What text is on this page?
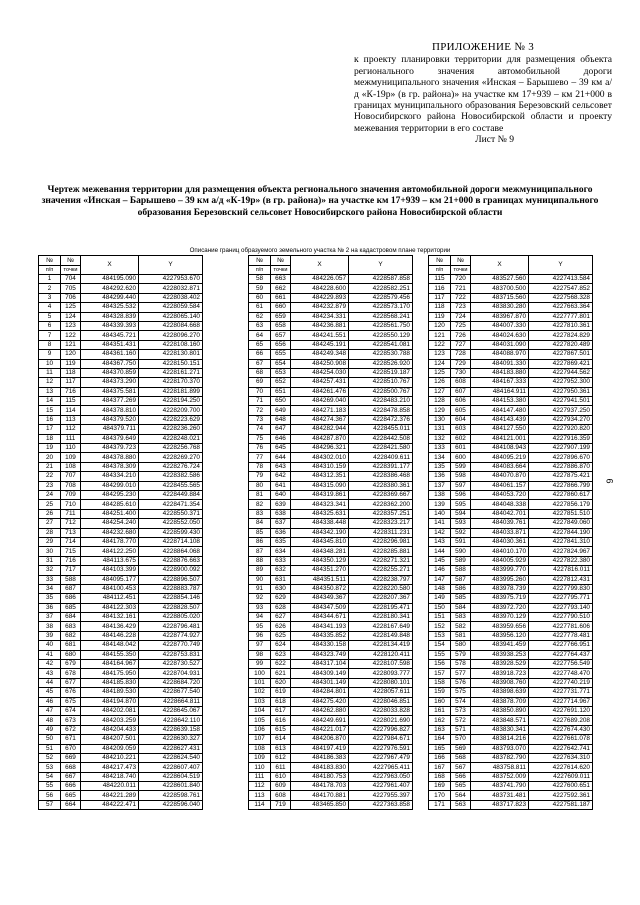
ПРИЛОЖЕНИЕ № 3
к проекту планировки территории для размещения объекта регионального значения автомобильной дороги межмуниципального значения «Инская – Барышево – 39 км а/д «К-19р» (в гр. района)» на участке км 17+939 – км 21+000 в границах муниципального образования Березовский сельсовет Новосибирского района Новосибирской области и проекту межевания территории в его составе
Лист № 9
Чертеж межевания территории для размещения объекта регионального значения автомобильной дороги межмуниципального значения «Инская – Барышево – 39 км а/д «К-19р» (в гр. района)» на участке км 17+939 – км 21+000 в границах муниципального образования Березовский сельсовет Новосибирского района Новосибирской области
Описание границ образуемого земельного участка № 2 на кадастровом плане территории
№	№	X	Y
п/п	точки		
1	704	484195.090	4227953.670
2	705	484292.620	4228032.871
3	706	484299.440	4228038.402
4	125	484325.532	4228059.584
5	124	484328.839	4228065.140
6	123	484339.393	4228084.668
7	122	484345.721	4228096.270
8	121	484351.431	4228108.160
9	120	484361.160	4228130.801
10	119	484367.750	4228150.151
11	118	484370.859	4228161.271
12	117	484373.290	4228170.370
13	716	484375.581	4228181.899
14	115	484377.269	4228194.250
15	114	484378.810	4228209.700
16	113	484379.520	4228223.629
17	112	484379.711	4228236.260
18	111	484379.649	4228248.021
19	110	484379.723	4228256.768
20	109	484378.880	4228269.270
21	108	484378.309	4228276.724
22	707	484334.210	4228382.586
23	708	484299.010	4228455.565
24	709	484295.230	4228449.884
25	710	484285.610	4228471.354
26	711	484251.400	4228550.371
27	712	484254.240	4228552.050
28	713	484232.680	4228599.430
29	714	484178.770	4228714.108
30	715	484122.250	4228864.068
31	716	484113.675	4228876.663
32	717	484103.399	4228900.092
33	588	484095.177	4228896.507
34	687	484100.453	4228883.787
35	686	484112.451	4228854.146
36	685	484122.303	4228828.507
37	684	484132.161	4228805.020
38	683	484136.429	4228796.481
39	682	484146.228	4228774.927
40	681	484148.042	4228770.749
41	680	484155.350	4228753.831
42	679	484164.967	4228730.527
43	678	484175.950	4228704.931
44	677	484185.830	4228684.720
45	676	484189.530	4228677.540
46	675	484194.870	4228664.811
47	674	484202.081	4228645.067
48	673	484203.259	4228642.110
49	672	484204.433	4228639.158
50	671	484207.501	4228630.327
51	670	484209.059	4228627.431
52	669	484210.221	4228624.540
53	668	484217.473	4228607.407
54	667	484218.740	4228604.519
55	666	484220.011	4228601.840
56	665	484221.289	4228598.761
57	664	484222.471	4228596.040
№	№	X	Y
п/п	точки		
58	663	484226.057	4228587.858
59	662	484228.600	4228582.251
60	661	484229.893	4228579.456
61	660	484232.879	4228573.170
62	659	484234.331	4228568.241
63	658	484236.881	4228561.750
64	657	484241.551	4228550.129
65	656	484245.191	4228541.081
66	655	484249.348	4228530.788
67	654	484250.908	4228526.920
68	653	484254.030	4228519.187
69	652	484257.431	4228510.767
70	651	484261.476	4228500.767
71	650	484269.040	4228483.210
72	649	484271.183	4228478.858
73	648	484274.367	4228472.376
74	647	484282.944	4228455.011
75	646	484287.870	4228442.508
76	645	484296.321	4228421.580
77	644	484302.010	4228409.611
78	643	484310.159	4228391.177
79	642	484312.351	4228386.468
80	641	484315.090	4228380.361
81	640	484319.861	4228369.667
82	639	484323.341	4228362.200
83	638	484325.631	4228357.251
84	637	484338.448	4228323.217
85	636	484342.190	4228311.231
86	635	484345.810	4228296.981
87	634	484348.281	4228285.881
88	633	484350.129	4228271.321
89	632	484351.270	4228255.271
90	631	484351.511	4228238.797
91	630	484350.872	4228220.580
92	629	484349.367	4228207.367
93	628	484347.509	4228195.471
94	627	484344.671	4228180.341
95	626	484341.193	4228167.649
96	625	484335.852	4228149.848
97	624	484330.158	4228134.419
98	623	484323.749	4228120.411
99	622	484317.104	4228107.598
100	621	484309.149	4228093.777
101	620	484301.149	4228080.101
102	619	484284.801	4228057.611
103	618	484275.420	4228046.851
104	617	484262.880	4228033.828
105	616	484249.691	4228021.690
106	615	484221.017	4227996.827
107	614	484206.870	4227984.671
108	613	484197.419	4227976.591
109	612	484186.383	4227967.479
110	611	484183.830	4227965.411
111	610	484180.753	4227963.050
112	609	484178.703	4227961.407
113	608	484170.881	4227955.397
114	719	483465.850	4227363.858
№	№	X	Y
п/п	точки		
115	720	483527.560	4227413.584
116	721	483700.500	4227547.852
117	722	483715.560	4227568.328
118	723	483830.280	4227663.364
119	724	483967.870	4227777.801
120	725	484007.330	4227810.361
121	726	484024.630	4227824.829
122	727	484031.090	4227820.489
123	728	484088.970	4227867.501
124	729	484091.330	4227869.421
125	730	484183.880	4227944.562
126	608	484167.333	4227952.300
127	607	484164.911	4227950.361
128	606	484153.380	4227941.501
129	605	484147.480	4227937.250
130	604	484143.439	4227934.270
131	603	484127.550	4227920.820
132	602	484121.001	4227916.359
133	601	484108.943	4227907.199
134	600	484095.219	4227896.670
135	599	484083.664	4227886.870
136	598	484070.870	4227875.421
137	597	484061.157	4227866.799
138	596	484053.720	4227860.617
139	595	484048.338	4227856.179
140	594	484042.701	4227851.510
141	593	484039.761	4227849.060
142	592	484033.871	4227844.190
143	591	484030.361	4227841.310
144	590	484010.170	4227824.967
145	589	484005.929	4227822.380
146	588	483999.770	4227816.011
147	587	483995.260	4227812.431
148	586	483978.739	4227799.830
149	585	483975.719	4227795.771
150	584	483972.720	4227793.140
151	583	483970.129	4227790.510
152	582	483959.656	4227781.606
153	581	483956.120	4227778.481
154	580	483941.459	4227766.951
155	579	483938.253	4227764.437
156	578	483928.529	4227756.549
157	577	483918.723	4227748.470
158	576	483908.760	4227740.219
159	575	483898.639	4227731.771
160	574	483878.709	4227714.967
161	573	483850.890	4227691.120
162	572	483848.571	4227689.208
163	571	483830.341	4227674.430
164	570	483814.216	4227661.078
165	569	483793.070	4227642.741
166	568	483782.790	4227634.310
167	567	483758.811	4227614.620
168	566	483752.009	4227609.011
169	565	483741.790	4227600.651
170	564	483731.481	4227592.361
171	563	483717.823	4227581.187
6
